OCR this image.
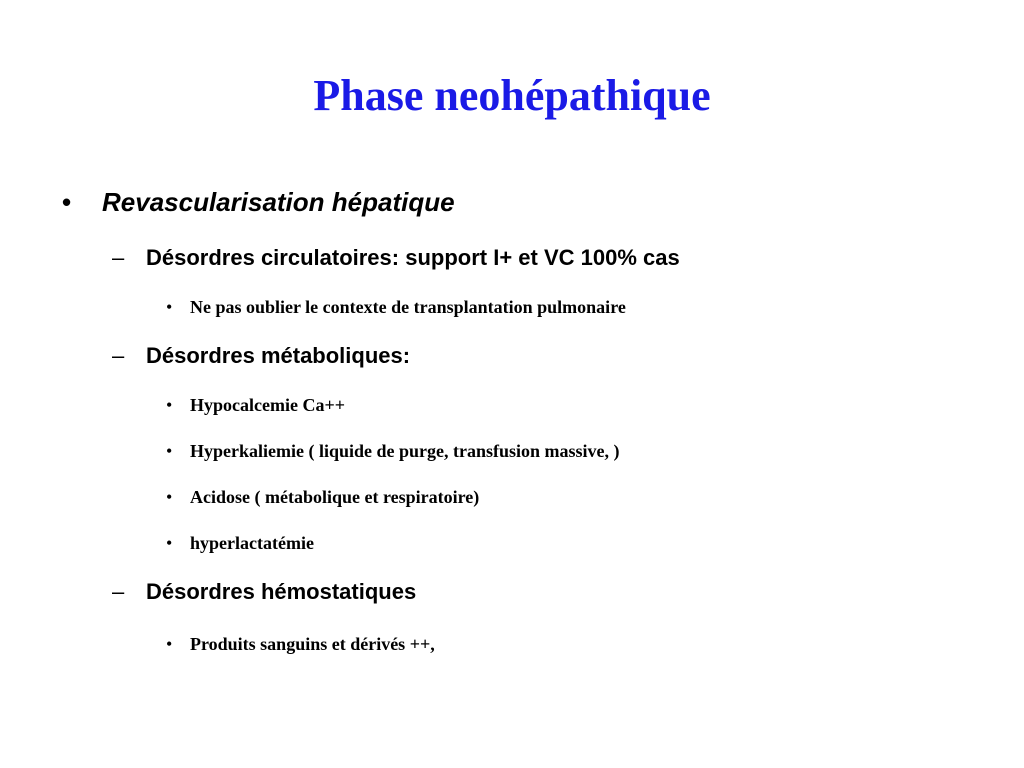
Phase neohépathique
• Revascularisation hépatique
– Désordres circulatoires: support I+ et VC 100% cas
• Ne pas oublier le contexte de transplantation pulmonaire
– Désordres métaboliques:
• Hypocalcemie Ca++
• Hyperkaliemie ( liquide de purge, transfusion massive, )
• Acidose ( métabolique et respiratoire)
• hyperlactatémie
– Désordres hémostatiques
• Produits sanguins et dérivés ++,
